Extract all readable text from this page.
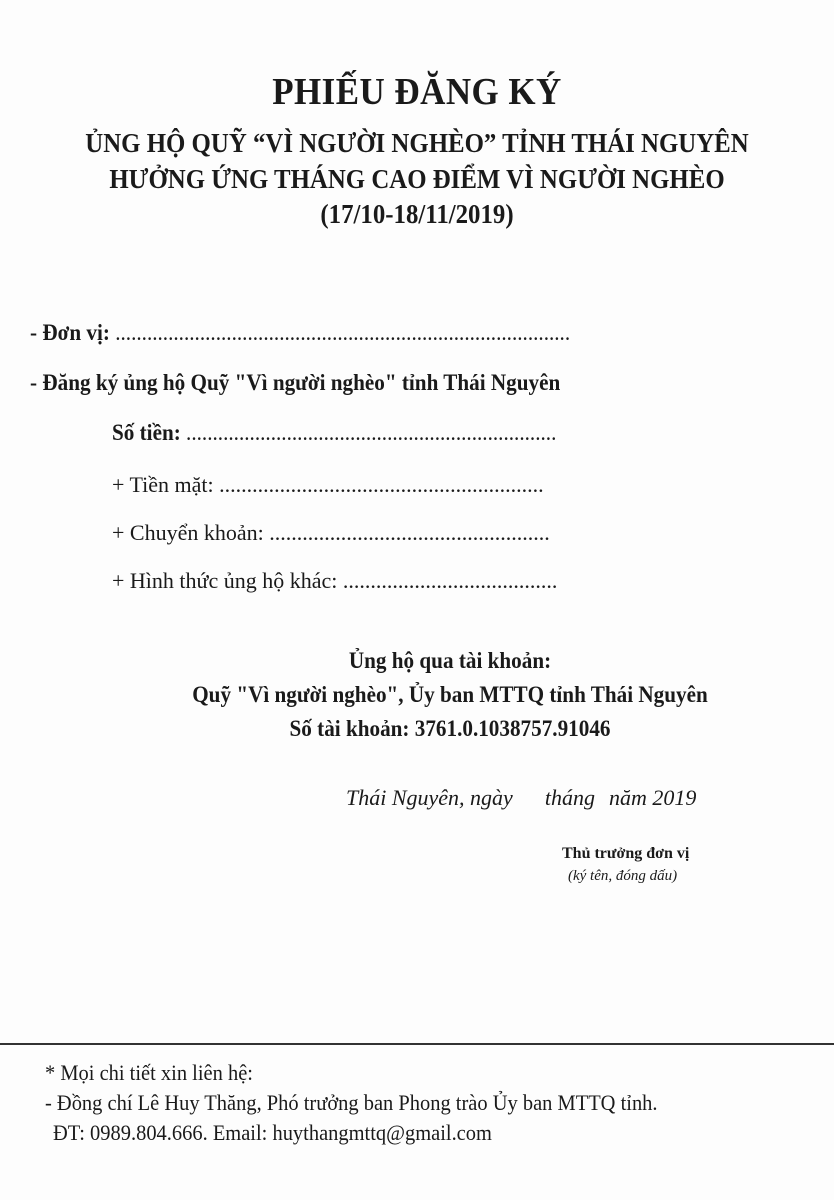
PHIẾU ĐĂNG KÝ
ỦNG HỘ QUỸ “VÌ NGƯỜI NGHÈO” TỈNH THÁI NGUYÊN
HƯỞNG ỨNG THÁNG CAO ĐIỂM VÌ NGƯỜI NGHÈO
(17/10-18/11/2019)
- Đơn vị: ......................................................................................
- Đăng ký ủng hộ Quỹ "Vì người nghèo" tỉnh Thái Nguyên
Số tiền: ......................................................................
+ Tiền mặt: ...........................................................
+ Chuyển khoản: ...................................................
+ Hình thức ủng hộ khác: .......................................
Ủng hộ qua tài khoản:
Quỹ "Vì người nghèo", Ủy ban MTTQ tỉnh Thái Nguyên
Số tài khoản: 3761.0.1038757.91046
Thái Nguyên, ngày tháng năm 2019
Thủ trưởng đơn vị
(ký tên, đóng dấu)
* Mọi chi tiết xin liên hệ:
- Đồng chí Lê Huy Thăng, Phó trưởng ban Phong trào Ủy ban MTTQ tỉnh.
ĐT: 0989.804.666. Email: huythangmttq@gmail.com
